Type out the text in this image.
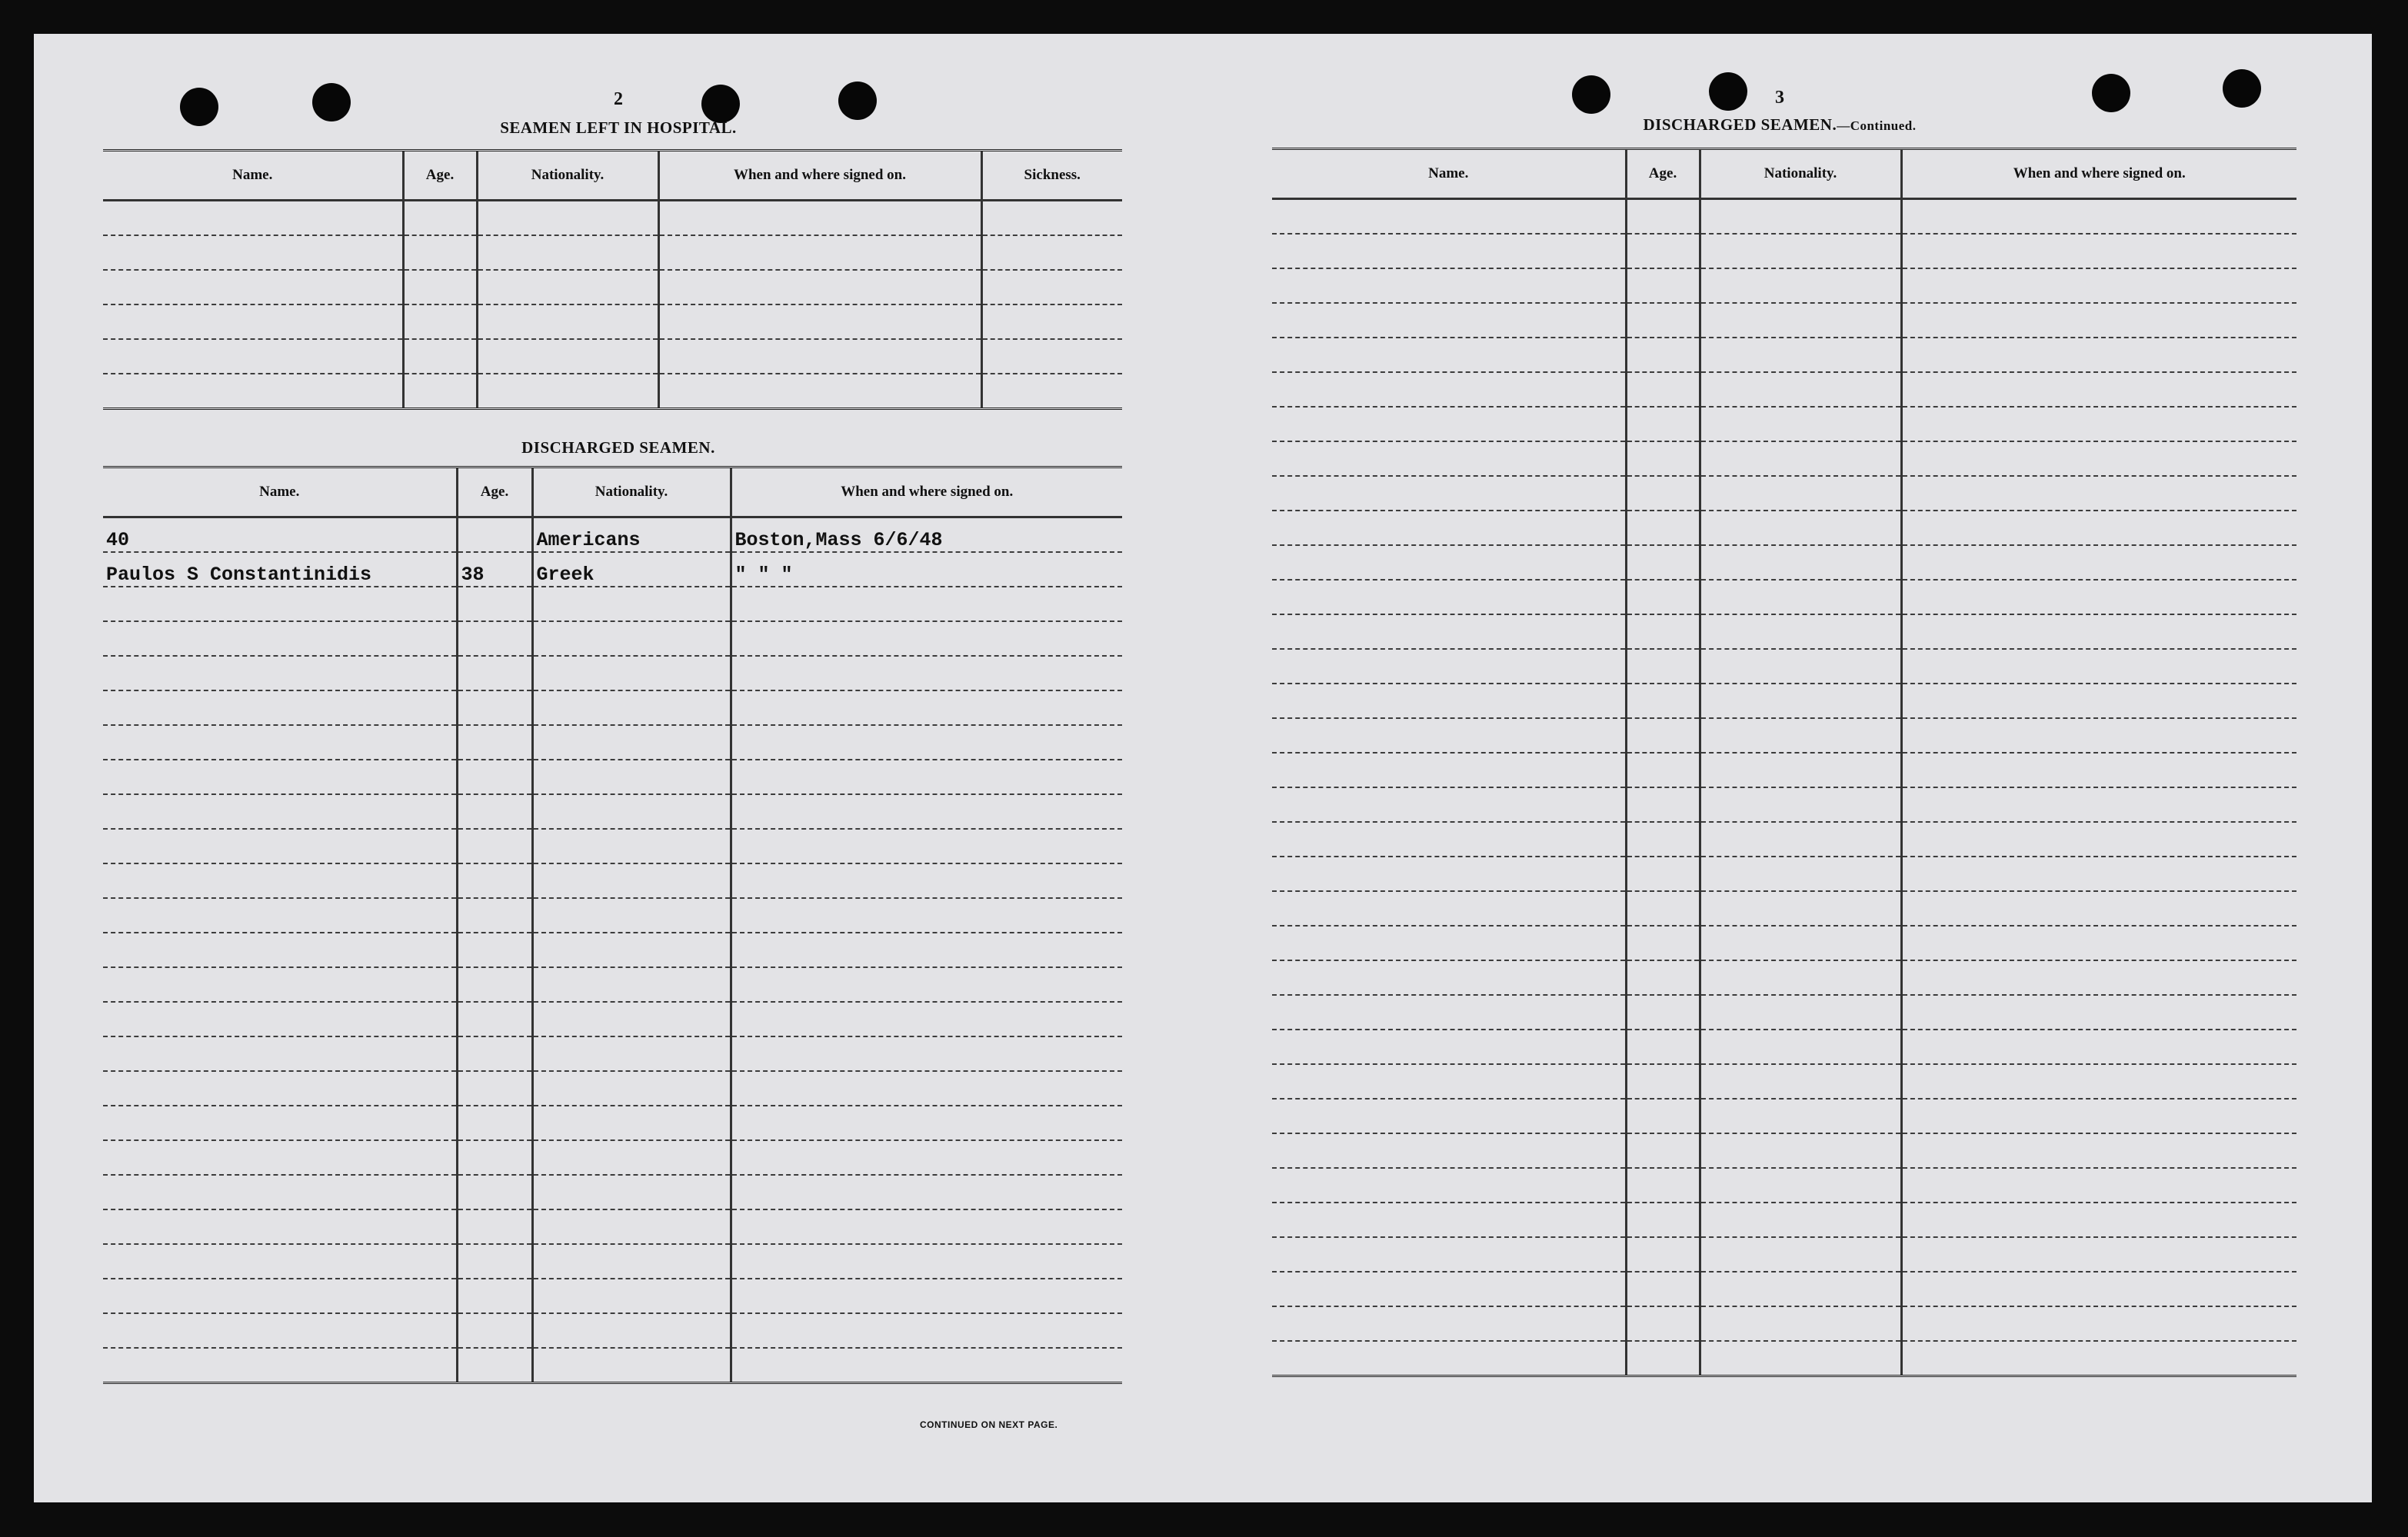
2

SEAMEN LEFT IN HOSPITAL.

Name.	Age.	Nationality.	When and where signed on.	Sickness.

DISCHARGED SEAMEN.

Name.	Age.	Nationality.	When and where signed on.
40		Americans	Boston,Mass 6/6/48
Paulos S Constantinidis	38	Greek	" " "

CONTINUED ON NEXT PAGE.

3

DISCHARGED SEAMEN.—Continued.

Name.	Age.	Nationality.	When and where signed on.
